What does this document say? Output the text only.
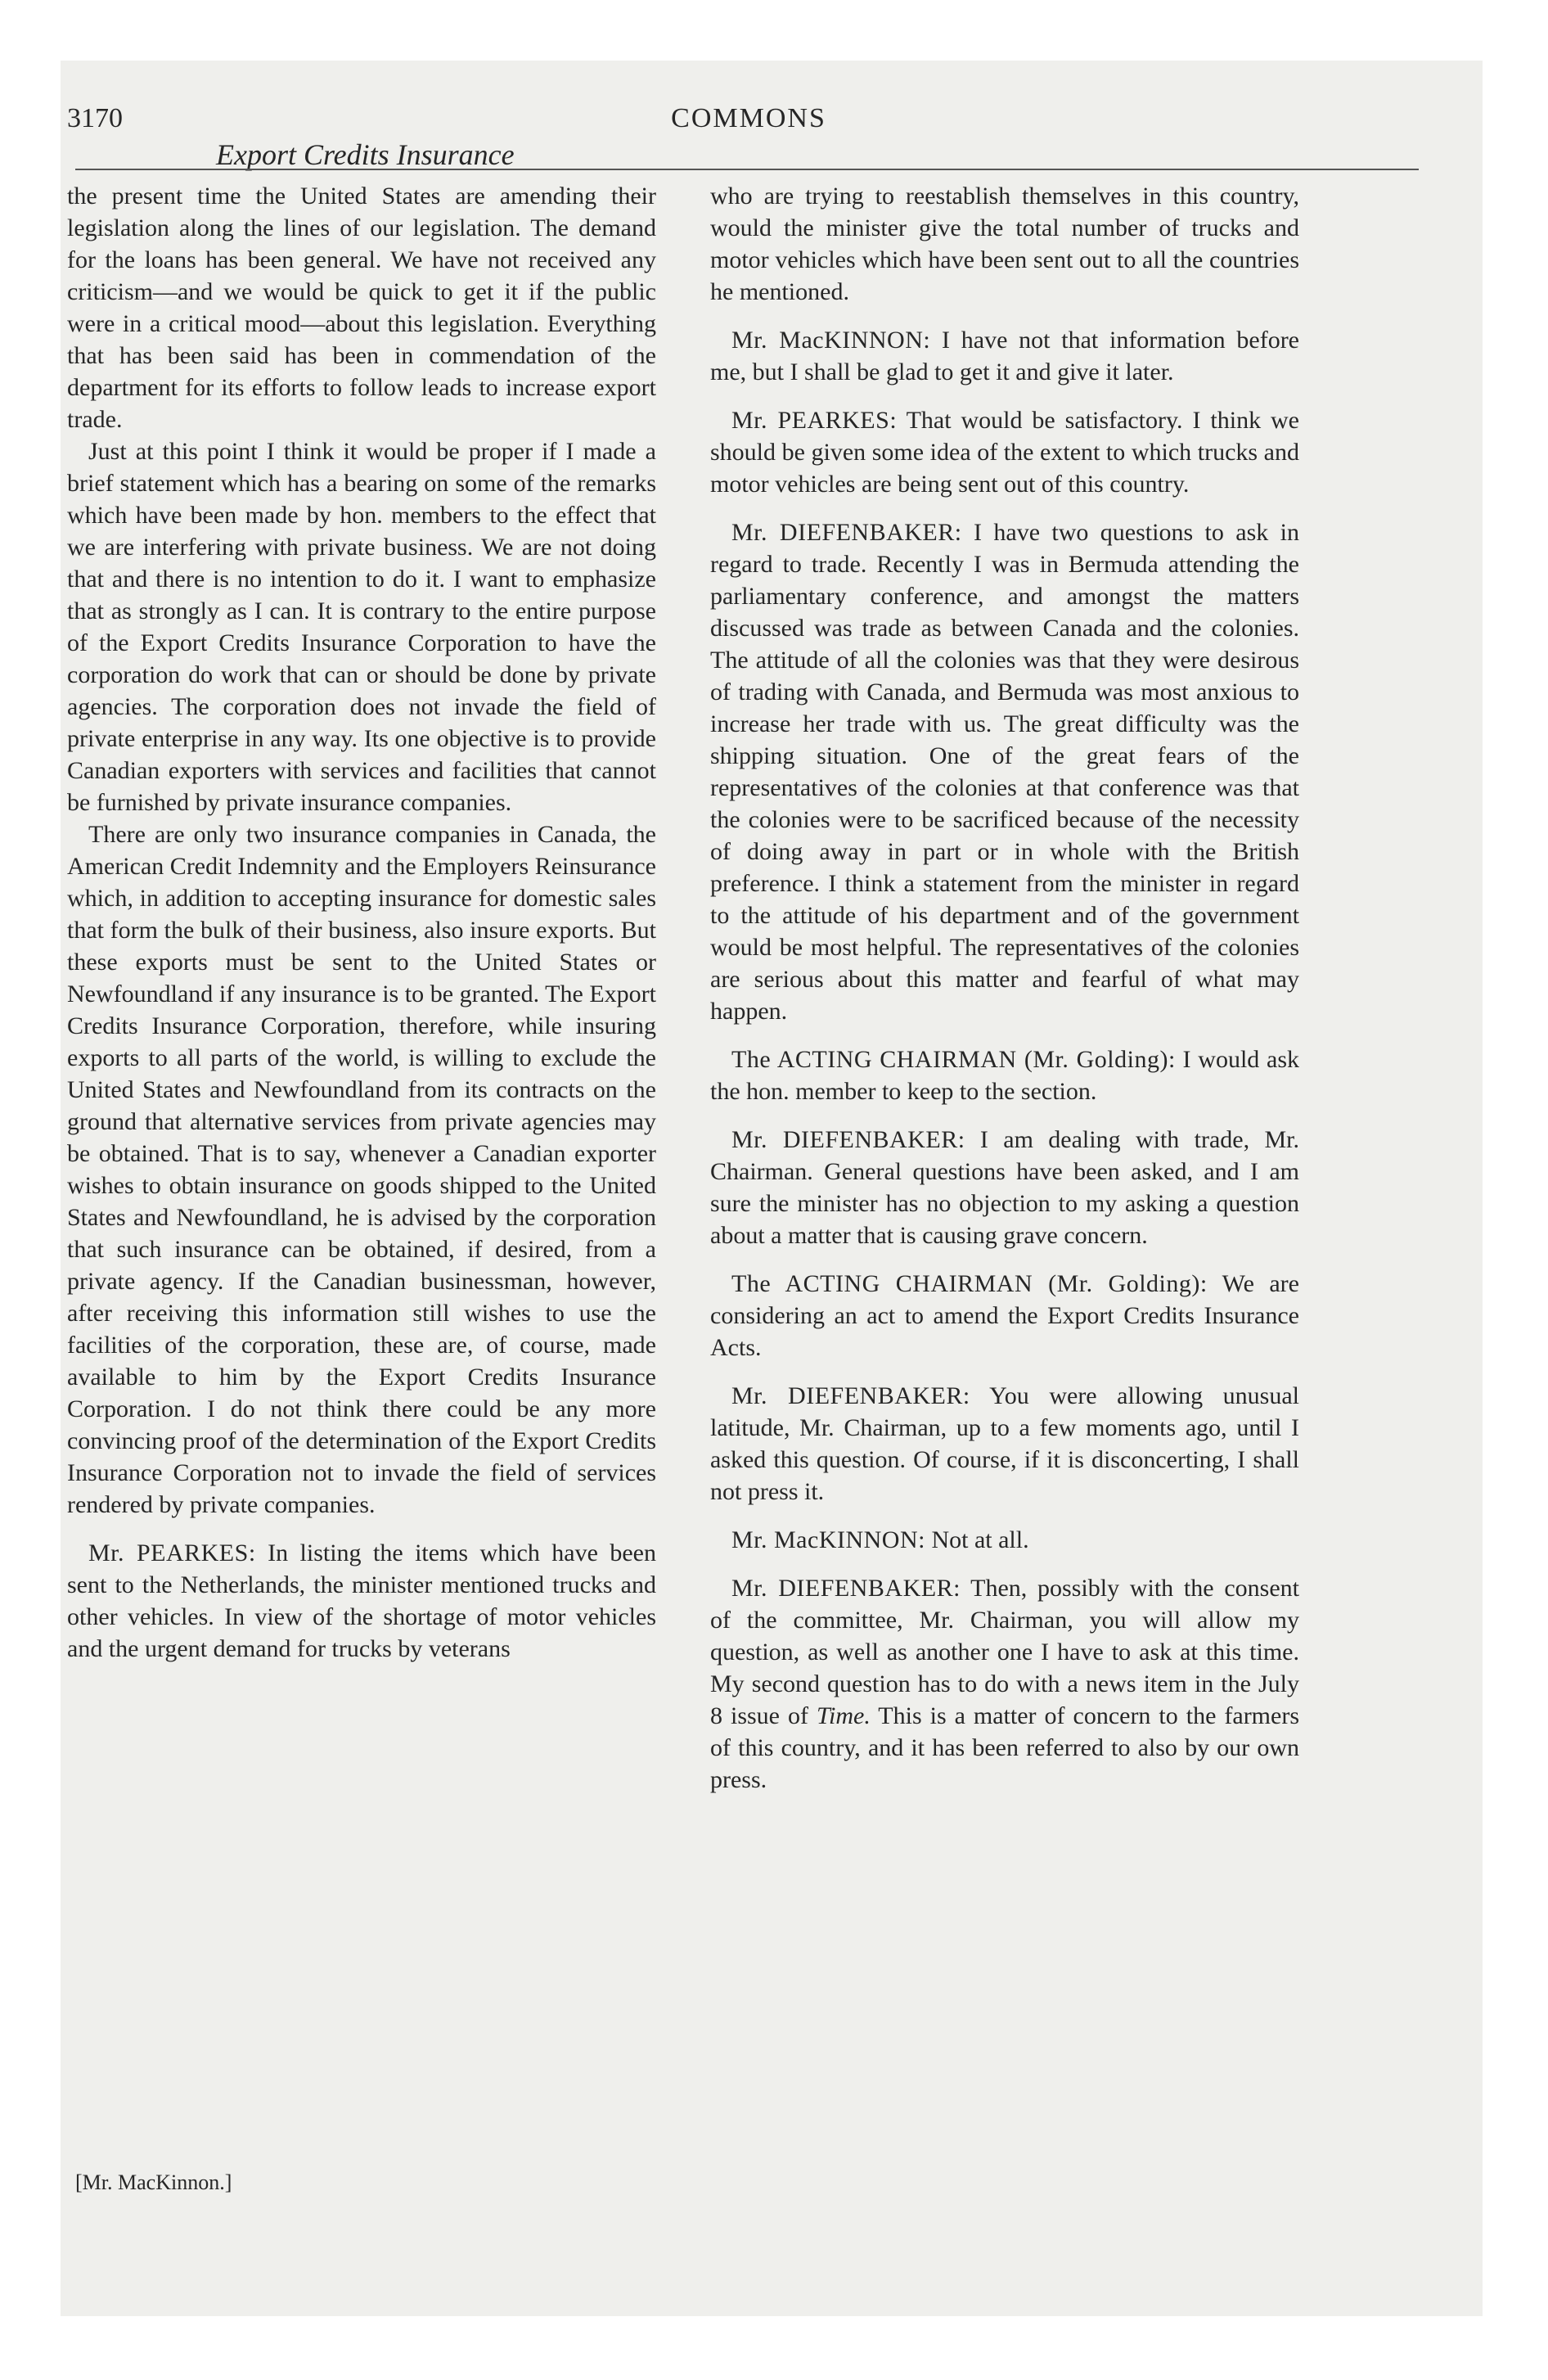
3170
Export Credits Insurance
COMMONS

the present time the United States are amending their legislation along the lines of our legislation. The demand for the loans has been general. We have not received any criticism—and we would be quick to get it if the public were in a critical mood—about this legislation. Everything that has been said has been in commendation of the department for its efforts to follow leads to increase export trade.

Just at this point I think it would be proper if I made a brief statement which has a bearing on some of the remarks which have been made by hon. members to the effect that we are interfering with private business. We are not doing that and there is no intention to do it. I want to emphasize that as strongly as I can. It is contrary to the entire purpose of the Export Credits Insurance Corporation to have the corporation do work that can or should be done by private agencies. The corporation does not invade the field of private enterprise in any way. Its one objective is to provide Canadian exporters with services and facilities that cannot be furnished by private insurance companies.

There are only two insurance companies in Canada, the American Credit Indemnity and the Employers Reinsurance which, in addition to accepting insurance for domestic sales that form the bulk of their business, also insure exports. But these exports must be sent to the United States or Newfoundland if any insurance is to be granted. The Export Credits Insurance Corporation, therefore, while insuring exports to all parts of the world, is willing to exclude the United States and Newfoundland from its contracts on the ground that alternative services from private agencies may be obtained. That is to say, whenever a Canadian exporter wishes to obtain insurance on goods shipped to the United States and Newfoundland, he is advised by the corporation that such insurance can be obtained, if desired, from a private agency. If the Canadian businessman, however, after receiving this information still wishes to use the facilities of the corporation, these are, of course, made available to him by the Export Credits Insurance Corporation. I do not think there could be any more convincing proof of the determination of the Export Credits Insurance Corporation not to invade the field of services rendered by private companies.

Mr. PEARKES: In listing the items which have been sent to the Netherlands, the minister mentioned trucks and other vehicles. In view of the shortage of motor vehicles and the urgent demand for trucks by veterans

who are trying to reestablish themselves in this country, would the minister give the total number of trucks and motor vehicles which have been sent out to all the countries he mentioned.

Mr. MacKINNON: I have not that information before me, but I shall be glad to get it and give it later.

Mr. PEARKES: That would be satisfactory. I think we should be given some idea of the extent to which trucks and motor vehicles are being sent out of this country.

Mr. DIEFENBAKER: I have two questions to ask in regard to trade. Recently I was in Bermuda attending the parliamentary conference, and amongst the matters discussed was trade as between Canada and the colonies. The attitude of all the colonies was that they were desirous of trading with Canada, and Bermuda was most anxious to increase her trade with us. The great difficulty was the shipping situation. One of the great fears of the representatives of the colonies at that conference was that the colonies were to be sacrificed because of the necessity of doing away in part or in whole with the British preference. I think a statement from the minister in regard to the attitude of his department and of the government would be most helpful. The representatives of the colonies are serious about this matter and fearful of what may happen.

The ACTING CHAIRMAN (Mr. Golding): I would ask the hon. member to keep to the section.

Mr. DIEFENBAKER: I am dealing with trade, Mr. Chairman. General questions have been asked, and I am sure the minister has no objection to my asking a question about a matter that is causing grave concern.

The ACTING CHAIRMAN (Mr. Golding): We are considering an act to amend the Export Credits Insurance Acts.

Mr. DIEFENBAKER: You were allowing unusual latitude, Mr. Chairman, up to a few moments ago, until I asked this question. Of course, if it is disconcerting, I shall not press it.

Mr. MacKINNON: Not at all.

Mr. DIEFENBAKER: Then, possibly with the consent of the committee, Mr. Chairman, you will allow my question, as well as another one I have to ask at this time. My second question has to do with a news item in the July 8 issue of Time. This is a matter of concern to the farmers of this country, and it has been referred to also by our own press.

[Mr. MacKinnon.]
